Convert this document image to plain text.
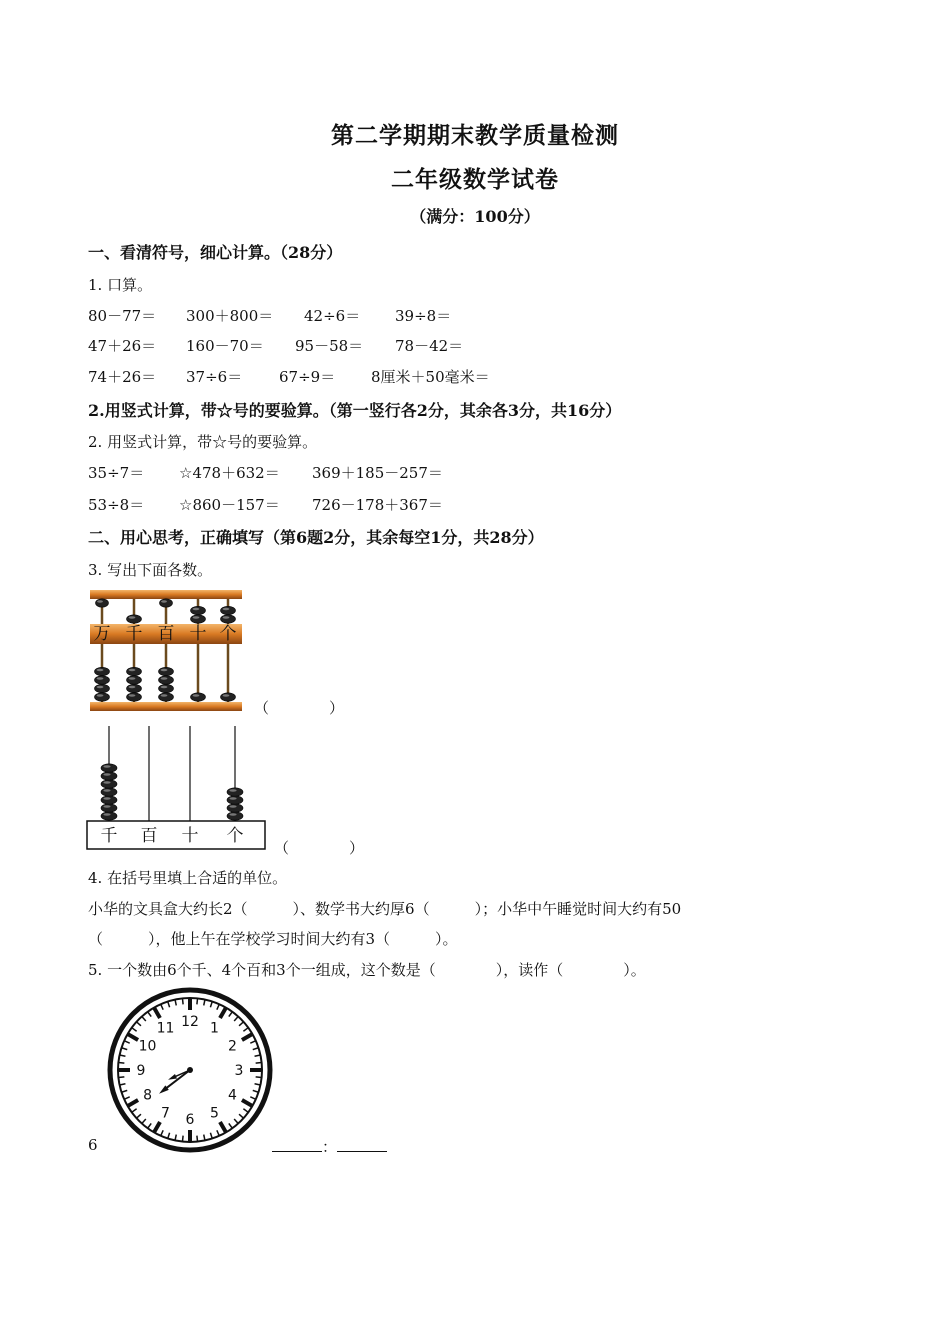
第二学期期末教学质量检测
二年级数学试卷
（满分：100分）
一、看清符号，细心计算。（28分）
1. 口算。
80－77＝ 300＋800＝ 42÷6＝ 39÷8＝
47＋26＝ 160－70＝ 95－58＝ 78－42＝
74＋26＝ 37÷6＝ 67÷9＝ 8厘米＋50毫米＝
2.用竖式计算，带☆号的要验算。（第一竖行各2分，其余各3分，共16分）
2. 用竖式计算，带☆号的要验算。
35÷7＝ ☆478＋632＝ 369＋185－257＝
53÷8＝ ☆860－157＝ 726－178＋367＝
二、用心思考，正确填写（第6题2分，其余每空1分，共28分）
3. 写出下面各数。
万 千 百 十 个
（　　　　）
千 百 十 个
（　　　　）
4. 在括号里填上合适的单位。
小华的文具盒大约长2（　　　）、数学书大约厚6（　　　）；小华中午睡觉时间大约有50
（　　　），他上午在学校学习时间大约有3（　　　）。
5. 一个数由6个千、4个百和3个一组成，这个数是（　　　　），读作（　　　　）。
12 1
2
3
4
5
6
7
8
9
10
11
6	：
